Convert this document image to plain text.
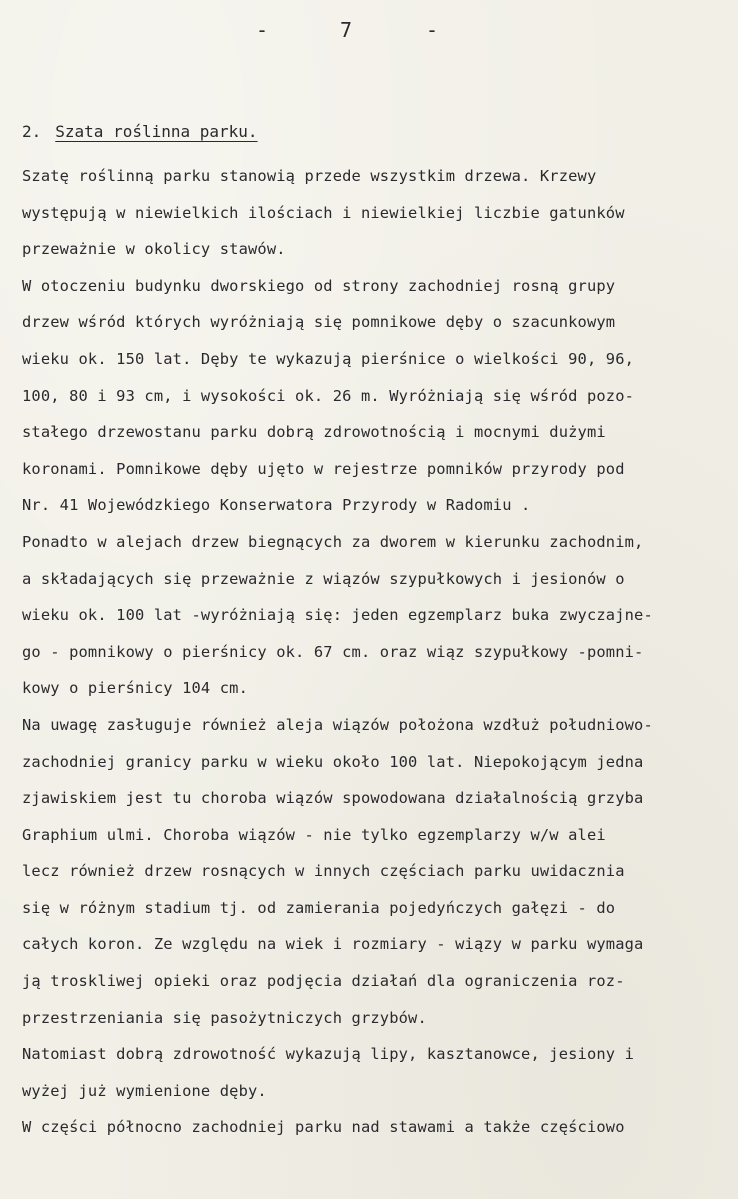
-	7	-
2. Szata roślinna parku.
Szatę roślinną parku stanowią przede wszystkim drzewa. Krzewy
występują w niewielkich ilościach i niewielkiej liczbie gatunków
przeważnie w okolicy stawów.
W otoczeniu budynku dworskiego od strony zachodniej rosną grupy
drzew wśród których wyróżniają się pomnikowe dęby o szacunkowym
wieku ok. 150 lat. Dęby te wykazują pierśnice o wielkości 90, 96,
100, 80 i 93 cm, i wysokości ok. 26 m. Wyróżniają się wśród pozo-
stałego drzewostanu parku dobrą zdrowotnością i mocnymi dużymi
koronami. Pomnikowe dęby ujęto w rejestrze pomników przyrody pod
Nr. 41 Wojewódzkiego Konserwatora Przyrody w Radomiu .
Ponadto w alejach drzew biegnących za dworem w kierunku zachodnim,
a składających się przeważnie z wiązów szypułkowych i jesionów o
wieku ok. 100 lat -wyróżniają się: jeden egzemplarz buka zwyczajne-
go - pomnikowy o pierśnicy ok. 67 cm. oraz wiąz szypułkowy -pomni-
kowy o pierśnicy 104 cm.
Na uwagę zasługuje również aleja wiązów położona wzdłuż południowo-
zachodniej granicy parku w wieku około 100 lat. Niepokojącym jedna
zjawiskiem jest tu choroba wiązów spowodowana działalnością grzyba
Graphium ulmi. Choroba wiązów - nie tylko egzemplarzy w/w alei
lecz również drzew rosnących w innych częściach parku uwidacznia
się w różnym stadium tj. od zamierania pojedyńczych gałęzi - do
całych koron. Ze względu na wiek i rozmiary - wiązy w parku wymaga
ją troskliwej opieki oraz podjęcia działań dla ograniczenia roz-
przestrzeniania się pasożytniczych grzybów.
Natomiast dobrą zdrowotność wykazują lipy, kasztanowce, jesiony i
wyżej już wymienione dęby.
W części północno zachodniej parku nad stawami a także częściowo
